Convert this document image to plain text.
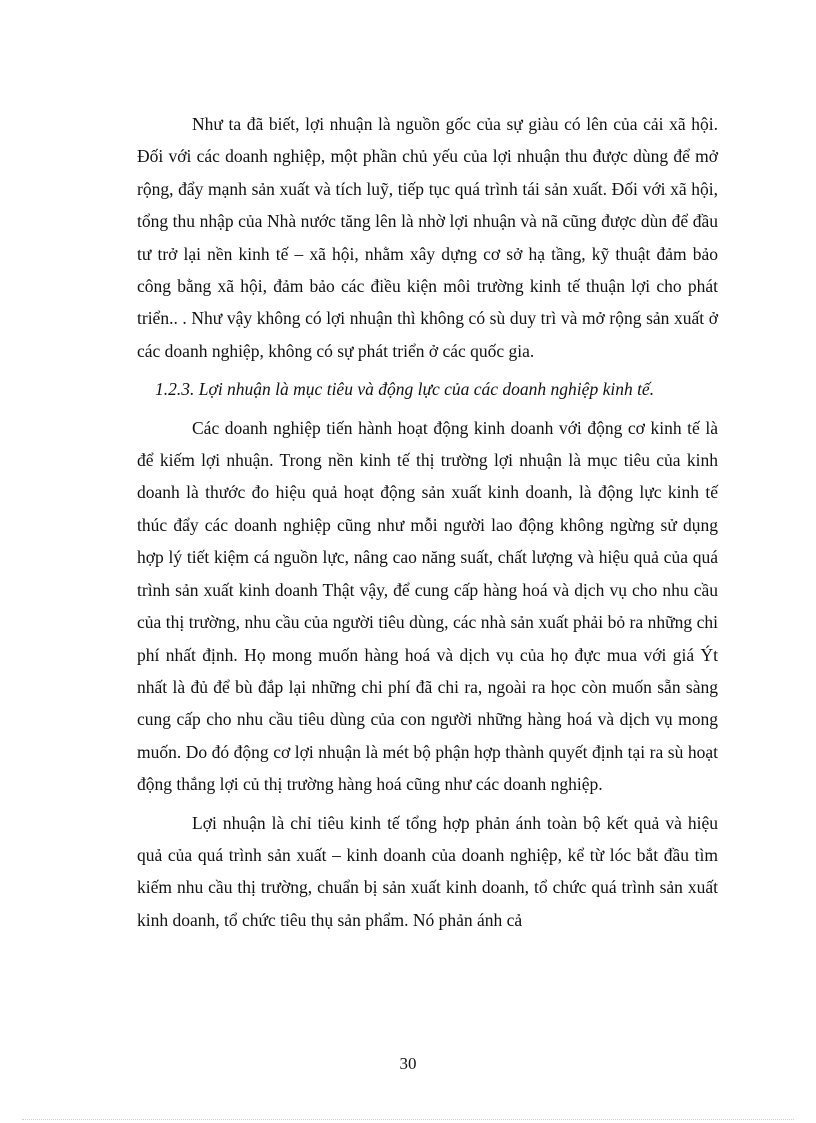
Như ta đã biết, lợi nhuận là nguồn gốc của sự giàu có lên của cải xã hội. Đối với các doanh nghiệp, một phần chủ yếu của lợi nhuận thu được dùng để mở rộng, đẩy mạnh sản xuất và tích luỹ, tiếp tục quá trình tái sản xuất. Đối với xã hội, tổng thu nhập của Nhà nước tăng lên là nhờ lợi nhuận và nã cũng được dùn để đầu tư trở lại nền kinh tế – xã hội, nhằm xây dựng cơ sở hạ tầng, kỹ thuật đảm bảo công bằng xã hội, đảm bảo các điều kiện môi trường kinh tế thuận lợi cho phát triển.. . Như vậy không có lợi nhuận thì không có sù duy trì và mở rộng sản xuất ở các doanh nghiệp, không có sự phát triển ở các quốc gia.

1.2.3. Lợi nhuận là mục tiêu và động lực của các doanh nghiệp kinh tế.

Các doanh nghiệp tiến hành hoạt động kinh doanh với động cơ kinh tế là để kiếm lợi nhuận. Trong nền kinh tế thị trường lợi nhuận là mục tiêu của kinh doanh là thước đo hiệu quả hoạt động sản xuất kinh doanh, là động lực kinh tế thúc đẩy các doanh nghiệp cũng như mỗi người lao động không ngừng sử dụng hợp lý tiết kiệm cá nguồn lực, nâng cao năng suất, chất lượng và hiệu quả của quá trình sản xuất kinh doanh Thật vậy, để cung cấp hàng hoá và dịch vụ cho nhu cầu của thị trường, nhu cầu của người tiêu dùng, các nhà sản xuất phải bỏ ra những chi phí nhất định. Họ mong muốn hàng hoá và dịch vụ của họ đực mua với giá Ýt nhất là đủ để bù đắp lại những chi phí đã chi ra, ngoài ra học còn muốn sẵn sàng cung cấp cho nhu cầu tiêu dùng của con người những hàng hoá và dịch vụ mong muốn. Do đó động cơ lợi nhuận là mét bộ phận hợp thành quyết định tại ra sù hoạt động thắng lợi củ thị trường hàng hoá cũng như các doanh nghiệp.

Lợi nhuận là chỉ tiêu kinh tế tổng hợp phản ánh toàn bộ kết quả và hiệu quả của quá trình sản xuất – kinh doanh của doanh nghiệp, kể từ lóc bắt đầu tìm kiếm nhu cầu thị trường, chuẩn bị sản xuất kinh doanh, tổ chức quá trình sản xuất kinh doanh, tổ chức tiêu thụ sản phẩm. Nó phản ánh cả

30
